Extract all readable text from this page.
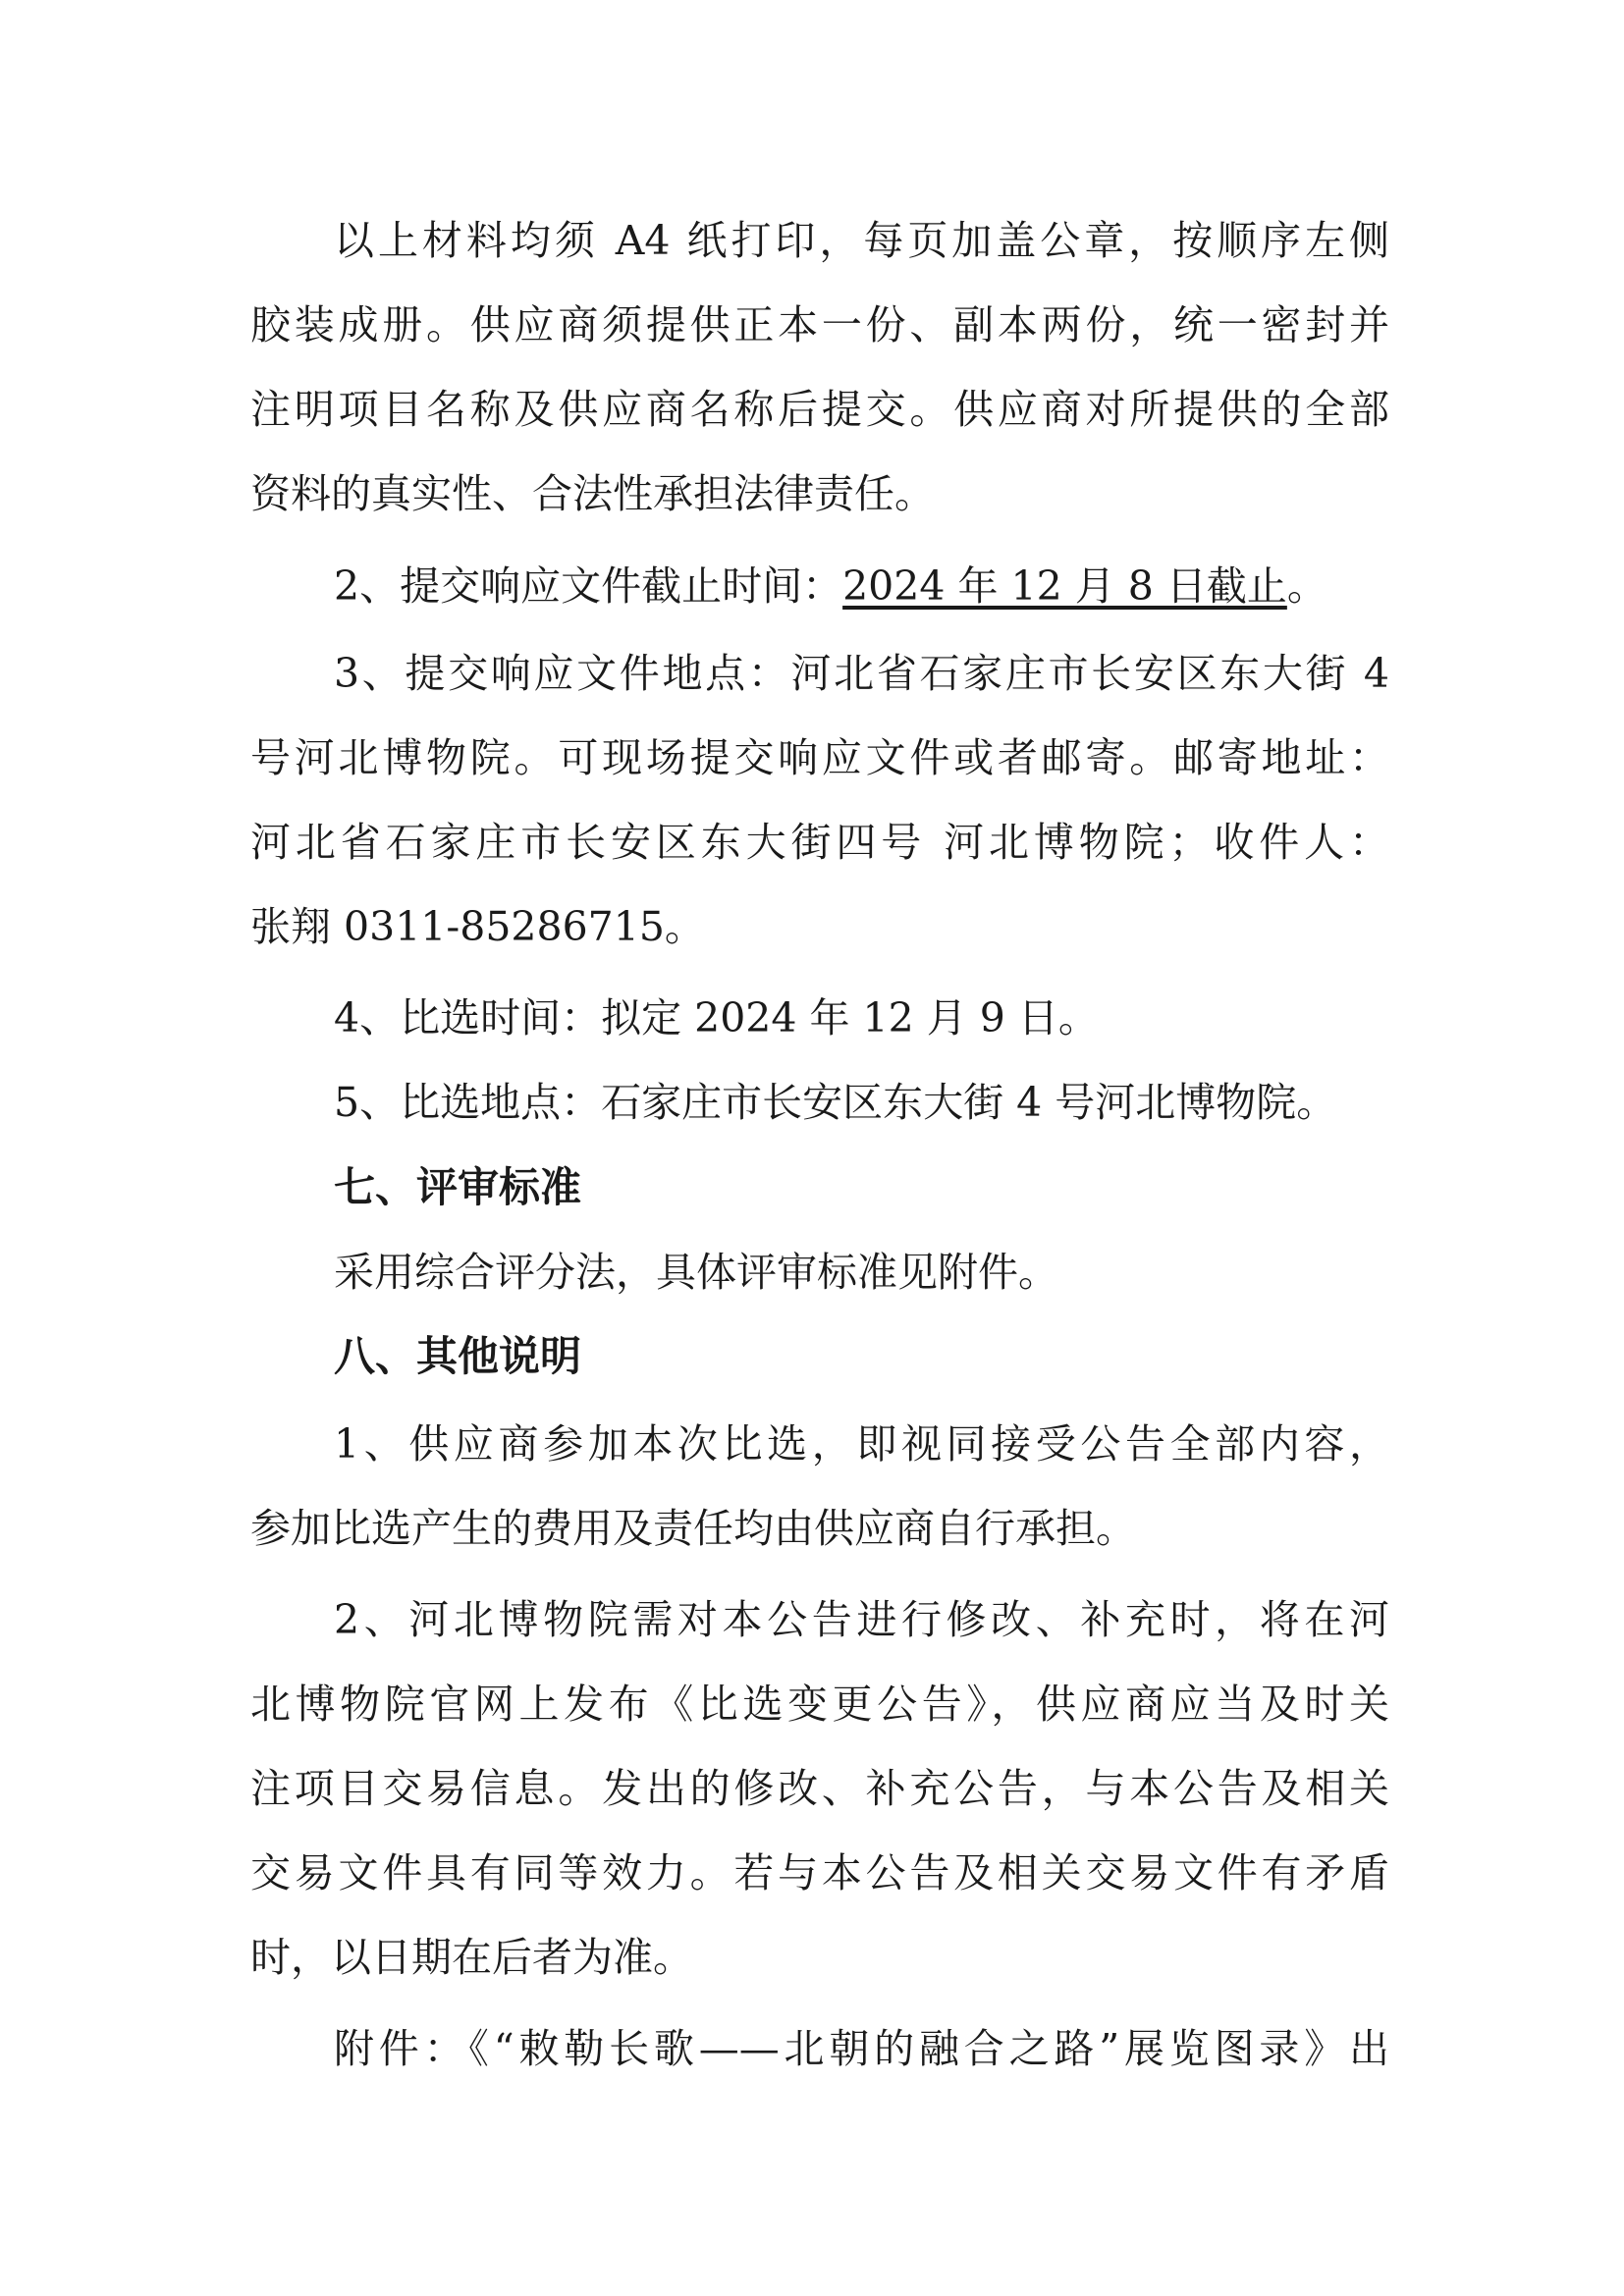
以上材料均须 A4 纸打印，每页加盖公章，按顺序左侧
胶装成册。供应商须提供正本一份、副本两份，统一密封并
注明项目名称及供应商名称后提交。供应商对所提供的全部
资料的真实性、合法性承担法律责任。
2、提交响应文件截止时间：2024 年 12 月 8 日截止。
3、提交响应文件地点：河北省石家庄市长安区东大街 4
号河北博物院。可现场提交响应文件或者邮寄。邮寄地址：
河北省石家庄市长安区东大街四号 河北博物院；收件人：
张翔 0311-85286715。
4、比选时间：拟定 2024 年 12 月 9 日。
5、比选地点：石家庄市长安区东大街 4 号河北博物院。
七、评审标准
采用综合评分法，具体评审标准见附件。
八、其他说明
1、供应商参加本次比选，即视同接受公告全部内容，
参加比选产生的费用及责任均由供应商自行承担。
2、河北博物院需对本公告进行修改、补充时，将在河
北博物院官网上发布《比选变更公告》，供应商应当及时关
注项目交易信息。发出的修改、补充公告，与本公告及相关
交易文件具有同等效力。若与本公告及相关交易文件有矛盾
时，以日期在后者为准。
附件：《“敕勒长歌——北朝的融合之路”展览图录》出
